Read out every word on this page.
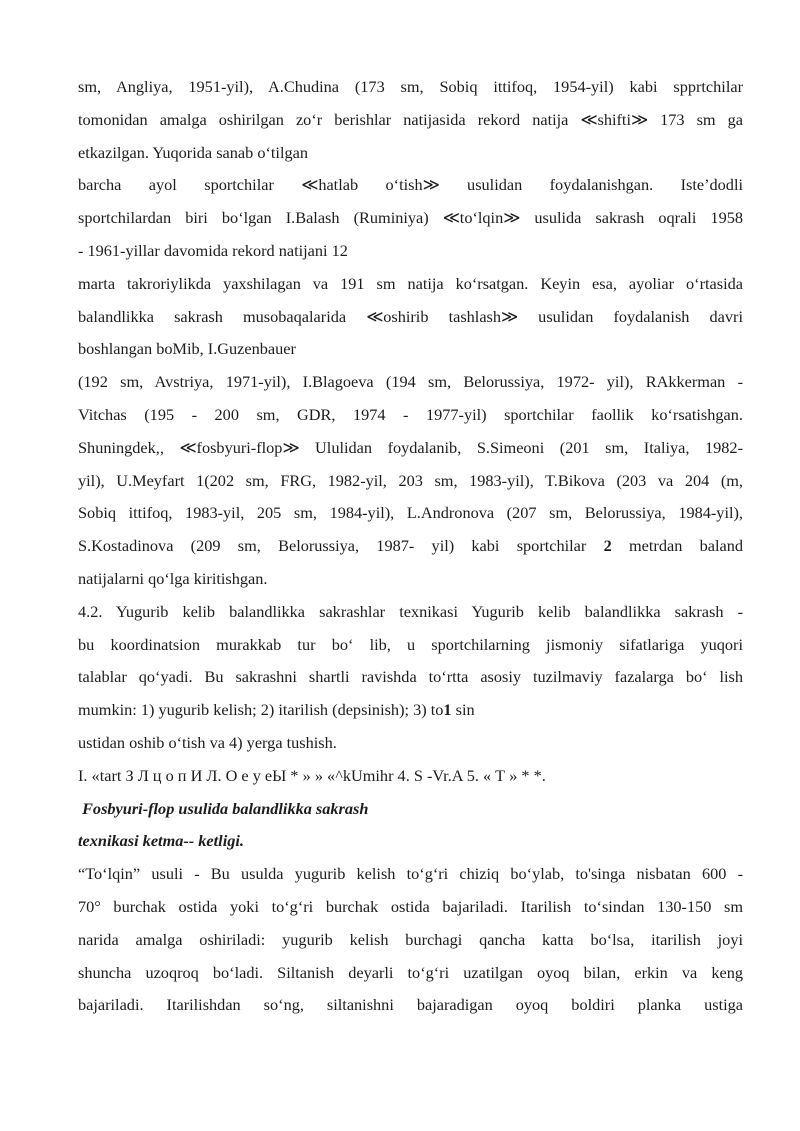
sm, Angliya, 1951-yil), A.Chudina (173 sm, Sobiq ittifoq, 1954-yil) kabi spprtchilar
tomonidan amalga oshirilgan zo‘r berishlar natijasida rekord natija ≪shifti≫ 173 sm ga
etkazilgan. Yuqorida sanab o‘tilgan
barcha ayol sportchilar ≪hatlab o‘tish≫ usulidan foydalanishgan. Iste’dodli
sportchilardan biri bo‘lgan I.Balash (Ruminiya) ≪to‘lqin≫ usulida sakrash oqrali 1958
- 1961-yillar davomida rekord natijani 12
marta takroriylikda yaxshilagan va 191 sm natija ko‘rsatgan. Keyin esa, ayoliar o‘rtasida
balandlikka sakrash musobaqalarida ≪oshirib tashlash≫ usulidan foydalanish davri
boshlangan boMib, I.Guzenbauer
(192 sm, Avstriya, 1971-yil), I.Blagoeva (194 sm, Belorussiya, 1972- yil), RAkkerman -
Vitchas (195 - 200 sm, GDR, 1974 - 1977-yil) sportchilar faollik ko‘rsatishgan.
Shuningdek,, ≪fosbyuri-flop≫ Ululidan foydalanib, S.Simeoni (201 sm, Italiya, 1982-
yil), U.Meyfart 1(202 sm, FRG, 1982-yil, 203 sm, 1983-yil), T.Bikova (203 va 204 (m,
Sobiq ittifoq, 1983-yil, 205 sm, 1984-yil), L.Andronova (207 sm, Belorussiya, 1984-yil),
S.Kostadinova (209 sm, Belorussiya, 1987- yil) kabi sportchilar 2 metrdan baland
natijalarni qo‘lga kiritishgan.
4.2. Yugurib kelib balandlikka sakrashlar texnikasi Yugurib kelib balandlikka sakrash -
bu koordinatsion murakkab tur bo‘ lib, u sportchilarning jismoniy sifatlariga yuqori
talablar qo‘yadi. Bu sakrashni shartli ravishda to‘rtta asosiy tuzilmaviy fazalarga bo‘ lish
mumkin: 1) yugurib kelish; 2) itarilish (depsinish); 3) to1 sin
ustidan oshib o‘tish va 4) yerga tushish.
I. «tart З Л ц о п И Л. О е у еЫ * » » «^kUmihr 4. S -Vr.A 5. « Т » * *.
Fosbyuri-flop usulida balandlikka sakrash
texnikasi ketma-- ketligi.
“To‘lqin” usuli - Bu usulda yugurib kelish to‘g‘ri chiziq bo‘ylab, to'singa nisbatan 600 -
70° burchak ostida yoki to‘g‘ri burchak ostida bajariladi. Itarilish to‘sindan 130-150 sm
narida amalga oshiriladi: yugurib kelish burchagi qancha katta bo‘lsa, itarilish joyi
shuncha uzoqroq bo‘ladi. Siltanish deyarli to‘g‘ri uzatilgan oyoq bilan, erkin va keng
bajariladi. Itarilishdan so‘ng, siltanishni bajaradigan oyoq boldiri planka ustiga
